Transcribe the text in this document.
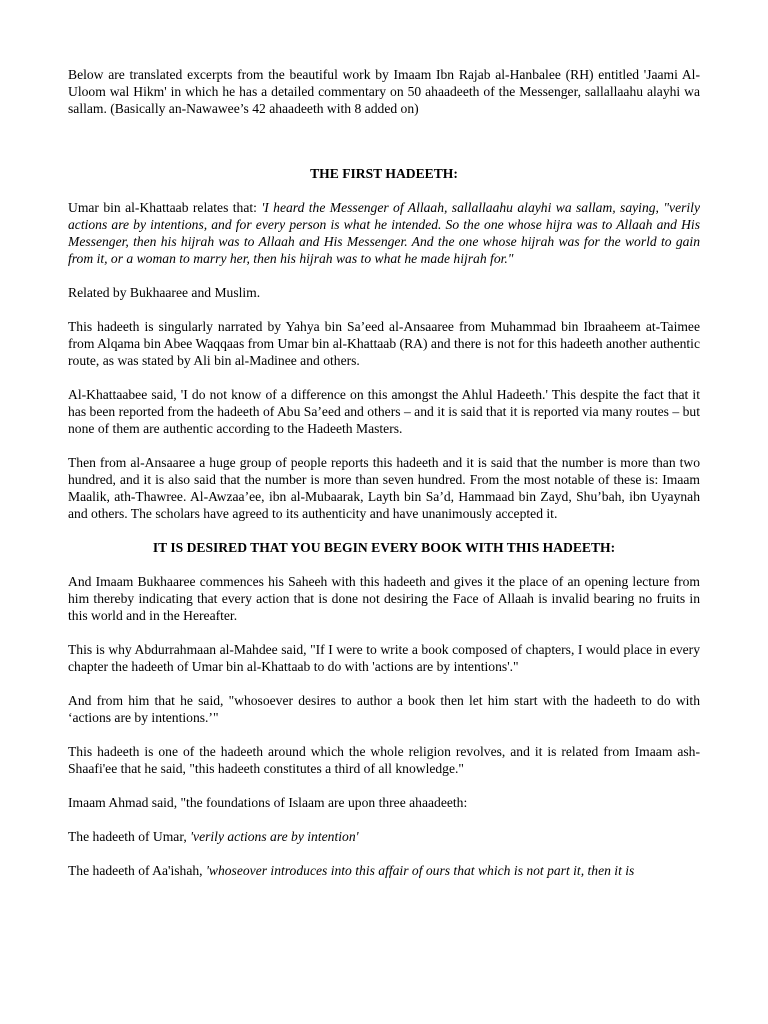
Below are translated excerpts from the beautiful work by Imaam Ibn Rajab al-Hanbalee (RH) entitled 'Jaami Al-Uloom wal Hikm' in which he has a detailed commentary on 50 ahaadeeth of the Messenger, sallallaahu alayhi wa sallam. (Basically an-Nawawee’s 42 ahaadeeth with 8 added on)

THE FIRST HADEETH:

Umar bin al-Khattaab relates that: 'I heard the Messenger of Allaah, sallallaahu alayhi wa sallam, saying, "verily actions are by intentions, and for every person is what he intended. So the one whose hijra was to Allaah and His Messenger, then his hijrah was to Allaah and His Messenger. And the one whose hijrah was for the world to gain from it, or a woman to marry her, then his hijrah was to what he made hijrah for."

Related by Bukhaaree and Muslim.

This hadeeth is singularly narrated by Yahya bin Sa’eed al-Ansaaree from Muhammad bin Ibraaheem at-Taimee from Alqama bin Abee Waqqaas from Umar bin al-Khattaab (RA) and there is not for this hadeeth another authentic route, as was stated by Ali bin al-Madinee and others.

Al-Khattaabee said, 'I do not know of a difference on this amongst the Ahlul Hadeeth.' This despite the fact that it has been reported from the hadeeth of Abu Sa’eed and others – and it is said that it is reported via many routes – but none of them are authentic according to the Hadeeth Masters.

Then from al-Ansaaree a huge group of people reports this hadeeth and it is said that the number is more than two hundred, and it is also said that the number is more than seven hundred. From the most notable of these is: Imaam Maalik, ath-Thawree. Al-Awzaa’ee, ibn al-Mubaarak, Layth bin Sa’d, Hammaad bin Zayd, Shu’bah, ibn Uyaynah and others. The scholars have agreed to its authenticity and have unanimously accepted it.

IT IS DESIRED THAT YOU BEGIN EVERY BOOK WITH THIS HADEETH:

And Imaam Bukhaaree commences his Saheeh with this hadeeth and gives it the place of an opening lecture from him thereby indicating that every action that is done not desiring the Face of Allaah is invalid bearing no fruits in this world and in the Hereafter.

This is why Abdurrahmaan al-Mahdee said, "If I were to write a book composed of chapters, I would place in every chapter the hadeeth of Umar bin al-Khattaab to do with 'actions are by intentions'."

And from him that he said, "whosoever desires to author a book then let him start with the hadeeth to do with ‘actions are by intentions.’"

This hadeeth is one of the hadeeth around which the whole religion revolves, and it is related from Imaam ash-Shaafi'ee that he said, "this hadeeth constitutes a third of all knowledge."

Imaam Ahmad said, "the foundations of Islaam are upon three ahaadeeth:

The hadeeth of Umar, 'verily actions are by intention'

The hadeeth of Aa'ishah, 'whoseover introduces into this affair of ours that which is not part it, then it is
